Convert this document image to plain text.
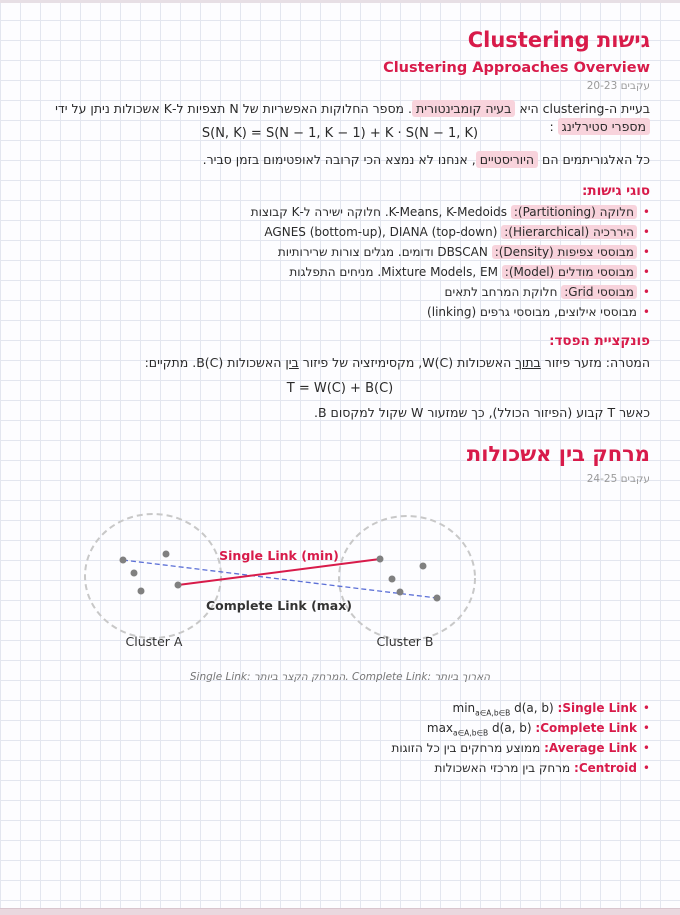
גישות Clustering
Clustering Approaches Overview
עקבים 20-23
בעיית ה-clustering היא בעיה קומבינטורית. מספר החלוקות האפשריות של N תצפיות ל-K אשכולות ניתן על ידי מספרי סטירלינג :
S(N, K) = S(N − 1, K − 1) + K · S(N − 1, K)
כל האלגוריתמים הם היוריסטיים, אנחנו לא נמצא הכי קרובה לאופטימום בזמן סביר.
סוגי גישות:
•חלוקה (Partitioning): K-Means, K-Medoids. חלוקה ישירה ל-K קבוצות
•היררכיה (Hierarchical): AGNES (bottom-up), DIANA (top-down)
•מבוססי צפיפות (Density): DBSCAN ודומים. מגלים צורות שרירותיות
•מבוססי מודלים (Model): Mixture Models, EM. מניחים התפלגות
•מבוססי Grid: חלוקת המרחב לתאים
•מבוססי אילוצים, מבוססי גרפים (linking)
פונקציית הפסד:
המטרה: מזער פיזור בתוך האשכולות W(C), מקסימיזציה של פיזור בין האשכולות B(C). מתקיים:
T = W(C) + B(C)
כאשר T קבוע (הפיזור הכולל), כך שמזעור W שקול למקסום B.
מרחק בין אשכולות
עקבים 24-25
Single Link (min)
Complete Link (max)
Cluster A	Cluster B
Single Link: המרחק הקצר ביותר. Complete Link: הארוך ביותר
•Single Link: $\min_{a\in A,b\in B} d(a$, b)
•Complete Link: $\max_{a\in A,b\in B} d(a$, b)
•Average Link: ממוצע מרחקים בין כל הזוגות
•Centroid: מרחק בין מרכזי האשכולות
